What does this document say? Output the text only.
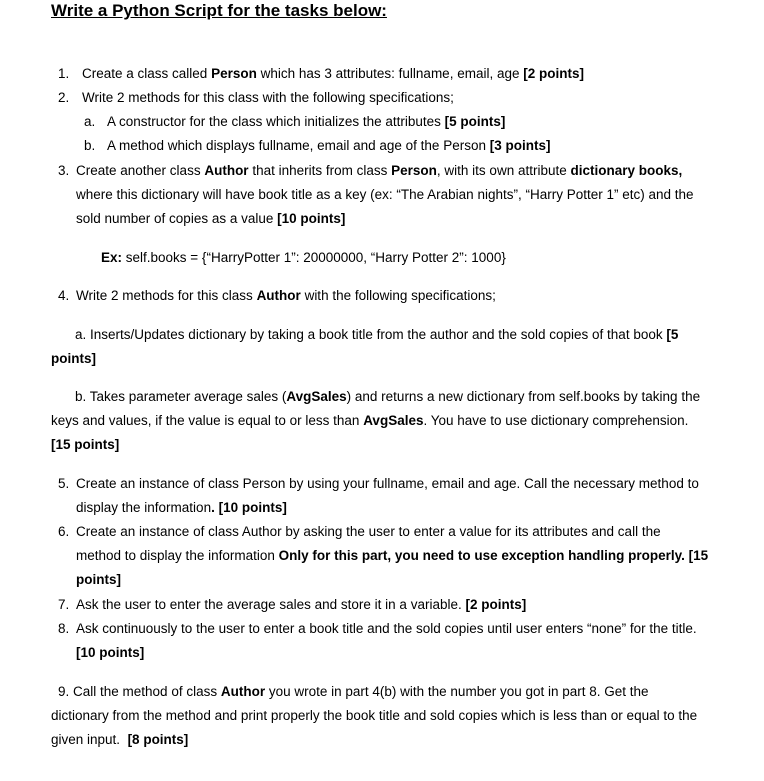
Write a Python Script for the tasks below:
1. Create a class called Person which has 3 attributes: fullname, email, age [2 points]
2. Write 2 methods for this class with the following specifications;
a. A constructor for the class which initializes the attributes [5 points]
b. A method which displays fullname, email and age of the Person [3 points]
3. Create another class Author that inherits from class Person, with its own attribute dictionary books,
where this dictionary will have book title as a key (ex: “The Arabian nights”, “Harry Potter 1” etc) and the
sold number of copies as a value [10 points]
Ex: self.books = {“HarryPotter 1”: 20000000, “Harry Potter 2”: 1000}
4. Write 2 methods for this class Author with the following specifications;
a. Inserts/Updates dictionary by taking a book title from the author and the sold copies of that book [5
points]
b. Takes parameter average sales (AvgSales) and returns a new dictionary from self.books by taking the
keys and values, if the value is equal to or less than AvgSales. You have to use dictionary comprehension.
[15 points]
5. Create an instance of class Person by using your fullname, email and age. Call the necessary method to
display the information. [10 points]
6. Create an instance of class Author by asking the user to enter a value for its attributes and call the
method to display the information Only for this part, you need to use exception handling properly. [15
points]
7. Ask the user to enter the average sales and store it in a variable. [2 points]
8. Ask continuously to the user to enter a book title and the sold copies until user enters “none” for the title.
[10 points]
9. Call the method of class Author you wrote in part 4(b) with the number you got in part 8. Get the
dictionary from the method and print properly the book title and sold copies which is less than or equal to the
given input.  [8 points]
